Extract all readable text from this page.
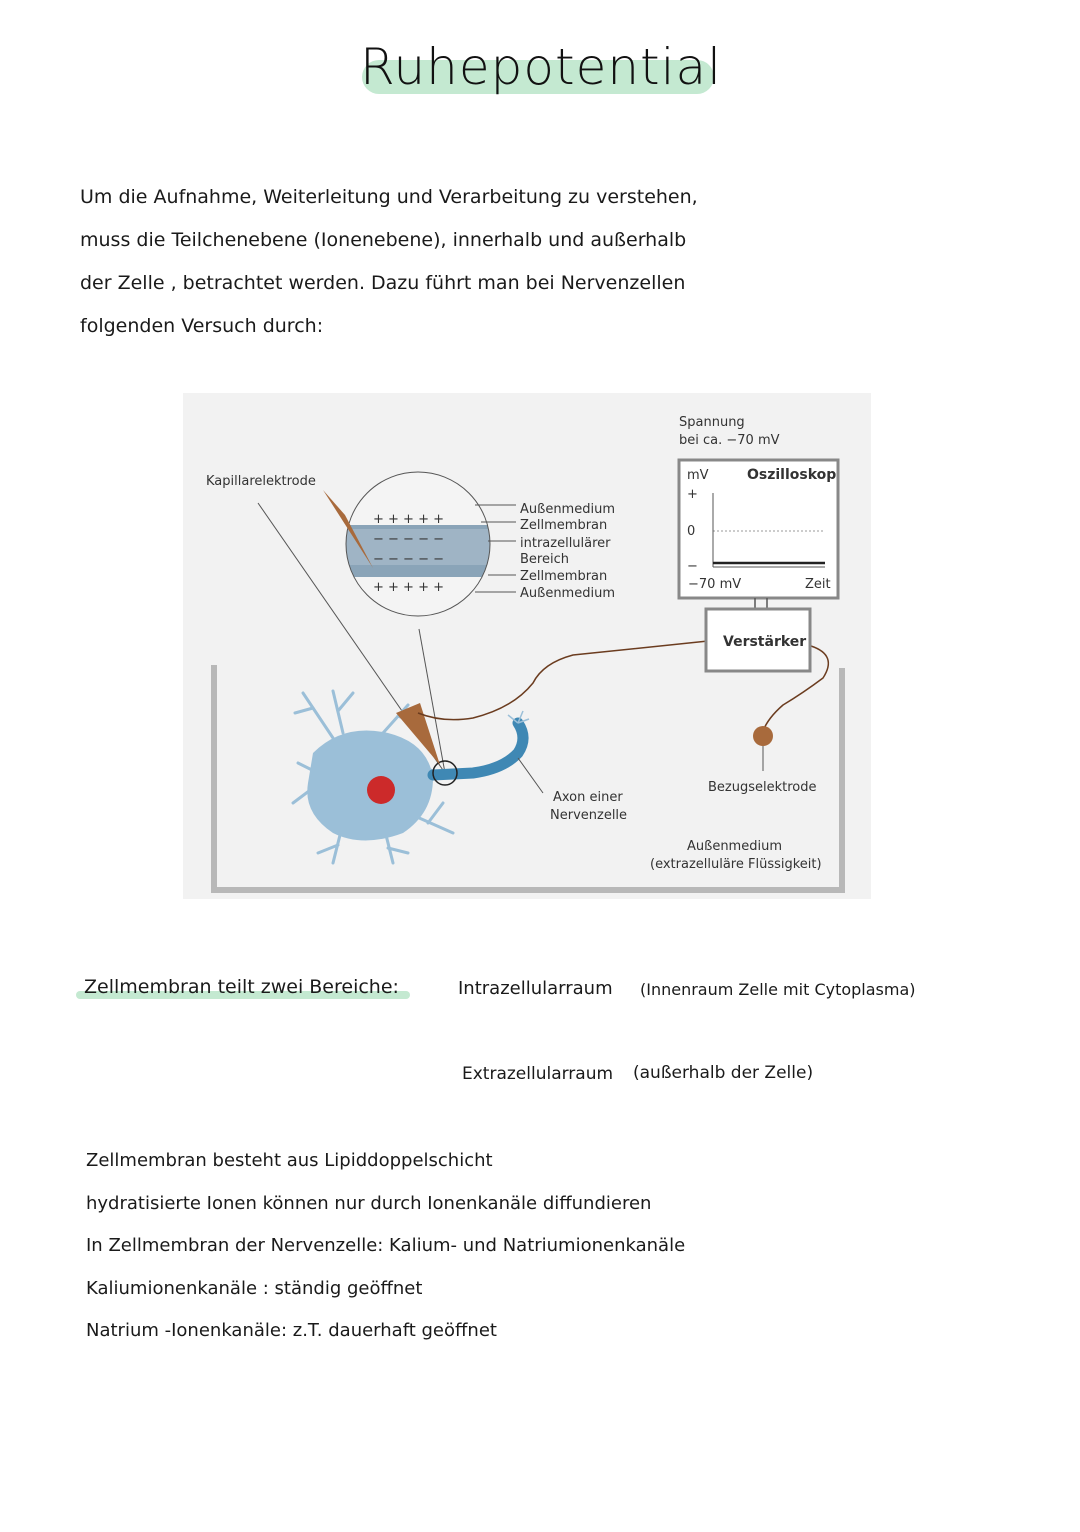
Ruhepotential
Um die Aufnahme, Weiterleitung und Verarbeitung zu verstehen,
muss die Teilchenebene (Ionenebene), innerhalb und außerhalb
der Zelle , betrachtet werden. Dazu führt man bei Nervenzellen
folgenden Versuch durch:
+ + + + +
− − − − −
− − − − −
+ + + + +
Kapillarelektrode
Außenmedium
Zellmembran
intrazellulärer
Bereich
Zellmembran
Außenmedium
Axon einer
Nervenzelle
Spannung
bei ca. −70 mV
Oszilloskop
mV
+
0
−
−70 mV	Zeit
Verstärker
Bezugselektrode
Außenmedium
(extrazelluläre Flüssigkeit)
Zellmembran teilt zwei Bereiche:	Intrazellularraum (Innenraum Zelle mit Cytoplasma)
Extrazellularraum (außerhalb der Zelle)
Zellmembran besteht aus Lipiddoppelschicht
hydratisierte Ionen können nur durch Ionenkanäle diffundieren
In Zellmembran der Nervenzelle: Kalium- und Natriumionenkanäle
Kaliumionenkanäle : ständig geöffnet
Natrium -Ionenkanäle: z.T. dauerhaft geöffnet
